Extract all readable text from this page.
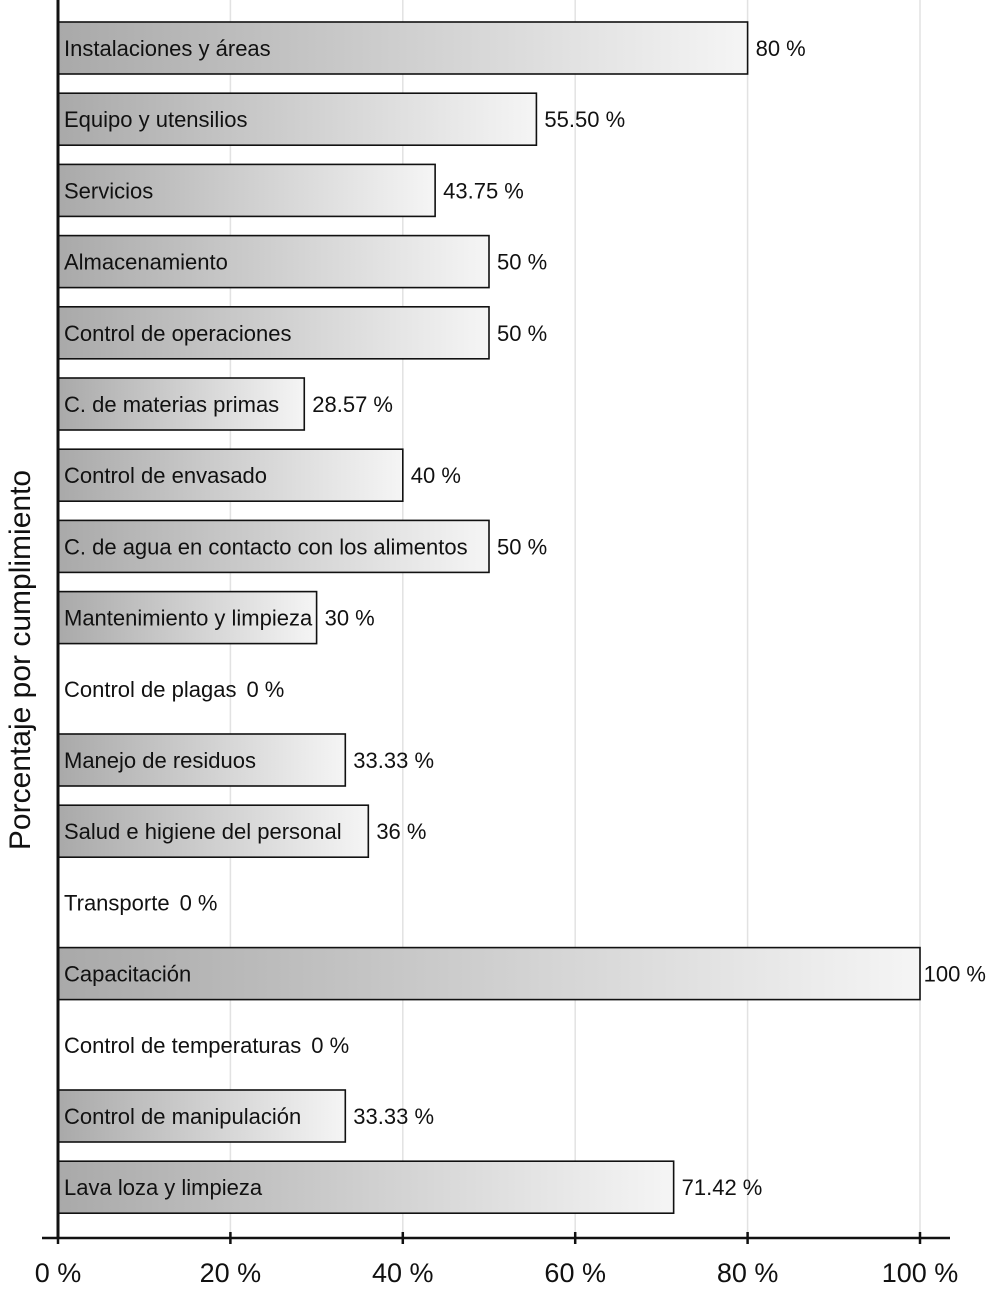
Instalaciones y áreas	80 %
Equipo y utensilios	55.50 %
Servicios	43.75 %
Almacenamiento	50 %
Control de operaciones	50 %
C. de materias primas 28.57 %
Control de envasado	40 %
C. de agua en contacto con los alimentos 50 %
Mantenimiento y limpieza 30 %
Control de plagas 0 %
Manejo de residuos	33.33 %
Salud e higiene del personal 36 %
Transporte 0 %
Capacitación	100 %
Control de temperaturas 0 %
Control de manipulación 33.33 %
Lava loza y limpieza	71.42 %
0 %	20 %	40 %	60 %	80 %	100 %
Porcentaje por cumplimiento
